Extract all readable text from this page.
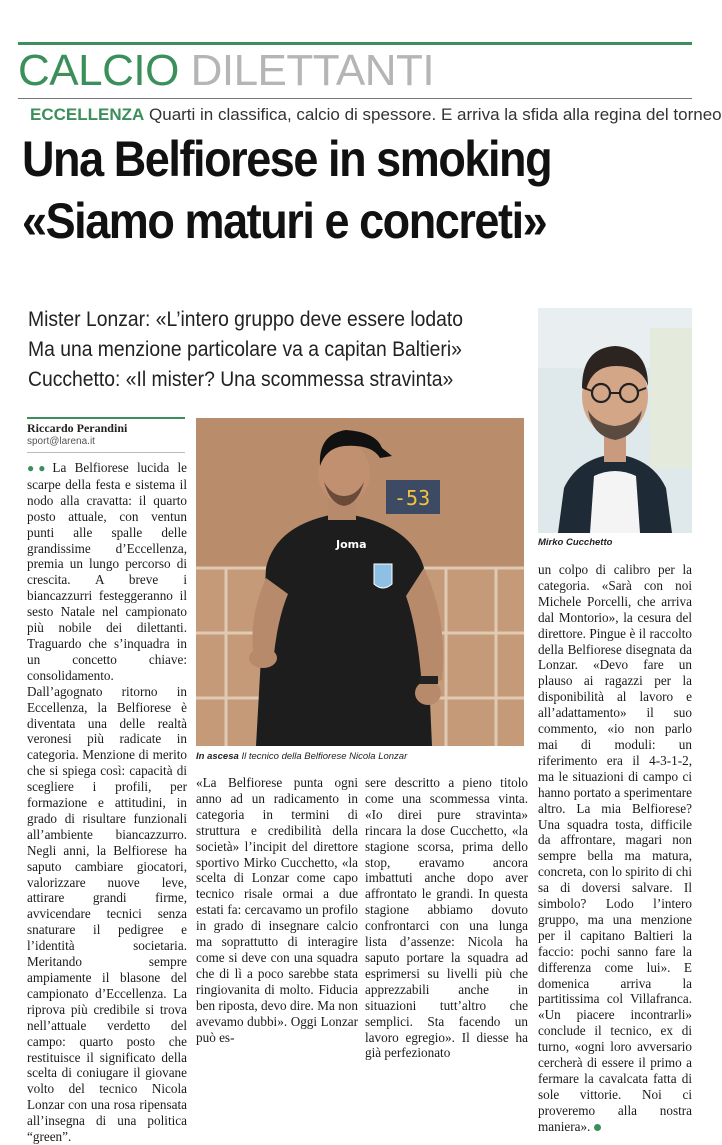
CALCIO DILETTANTI
ECCELLENZA Quarti in classifica, calcio di spessore. E arriva la sfida alla regina del torneo
Una Belfiorese in smoking
«Siamo maturi e concreti»
Mister Lonzar: «L’intero gruppo deve essere lodato
Ma una menzione particolare va a capitan Baltieri»
Cucchetto: «Il mister? Una scommessa stravinta»
Mirko Cucchetto
Riccardo Perandini
sport@larena.it
-53
Joma
In ascesa Il tecnico della Belfiorese Nicola Lonzar

●● La Belfiorese lucida le scarpe della festa e sistema il nodo alla cravatta: il quarto posto attuale, con ventun punti alle spalle delle grandissime d’Eccellenza, premia un lungo percorso di crescita. A breve i biancazzurri festeggeranno il sesto Natale nel campionato più nobile dei dilettanti. Traguardo che s’inquadra in un concetto chiave: consolidamento. Dall’agognato ritorno in Eccellenza, la Belfiorese è diventata una delle realtà veronesi più radicate in categoria. Menzione di merito che si spiega così: capacità di scegliere i profili, per formazione e attitudini, in grado di risultare funzionali all’ambiente biancazzurro. Negli anni, la Belfiorese ha saputo cambiare giocatori, valorizzare nuove leve, attirare grandi firme, avvicendare tecnici senza snaturare il pedigree e l’identità societaria. Meritando sempre ampiamente il blasone del campionato d’Eccellenza. La riprova più credibile si trova nell’attuale verdetto del campo: quarto posto che restituisce il significato della scelta di coniugare il giovane volto del tecnico Nicola Lonzar con una rosa ripensata all’insegna di una politica “green”.

«La Belfiorese punta ogni anno ad un radicamento in categoria in termini di struttura e credibilità della società» l’incipit del direttore sportivo Mirko Cucchetto, «la scelta di Lonzar come capo tecnico risale ormai a due estati fa: cercavamo un profilo in grado di insegnare calcio ma soprattutto di interagire come si deve con una squadra che di lì a poco sarebbe stata ringiovanita di molto. Fiducia ben riposta, devo dire. Ma non avevamo dubbi». Oggi Lonzar può es-

sere descritto a pieno titolo come una scommessa vinta. «Io direi pure stravinta» rincara la dose Cucchetto, «la stagione scorsa, prima dello stop, eravamo ancora imbattuti anche dopo aver affrontato le grandi. In questa stagione abbiamo dovuto confrontarci con una lunga lista d’assenze: Nicola ha saputo portare la squadra ad esprimersi su livelli più che apprezzabili anche in situazioni tutt’altro che semplici. Sta facendo un lavoro egregio». Il diesse ha già perfezionato

un colpo di calibro per la categoria. «Sarà con noi Michele Porcelli, che arriva dal Montorio», la cesura del direttore. Pingue è il raccolto della Belfiorese disegnata da Lonzar. «Devo fare un plauso ai ragazzi per la disponibilità al lavoro e all’adattamento» il suo commento, «io non parlo mai di moduli: un riferimento era il 4-3-1-2, ma le situazioni di campo ci hanno portato a sperimentare altro. La mia Belfiorese? Una squadra tosta, difficile da affrontare, magari non sempre bella ma matura, concreta, con lo spirito di chi sa di doversi salvare. Il simbolo? Lodo l’intero gruppo, ma una menzione per il capitano Baltieri la faccio: pochi sanno fare la differenza come lui». E domenica arriva la partitissima col Villafranca. «Un piacere incontrarli» conclude il tecnico, ex di turno, «ogni loro avversario cercherà di essere il primo a fermare la cavalcata fatta di sole vittorie. Noi ci proveremo alla nostra maniera».
